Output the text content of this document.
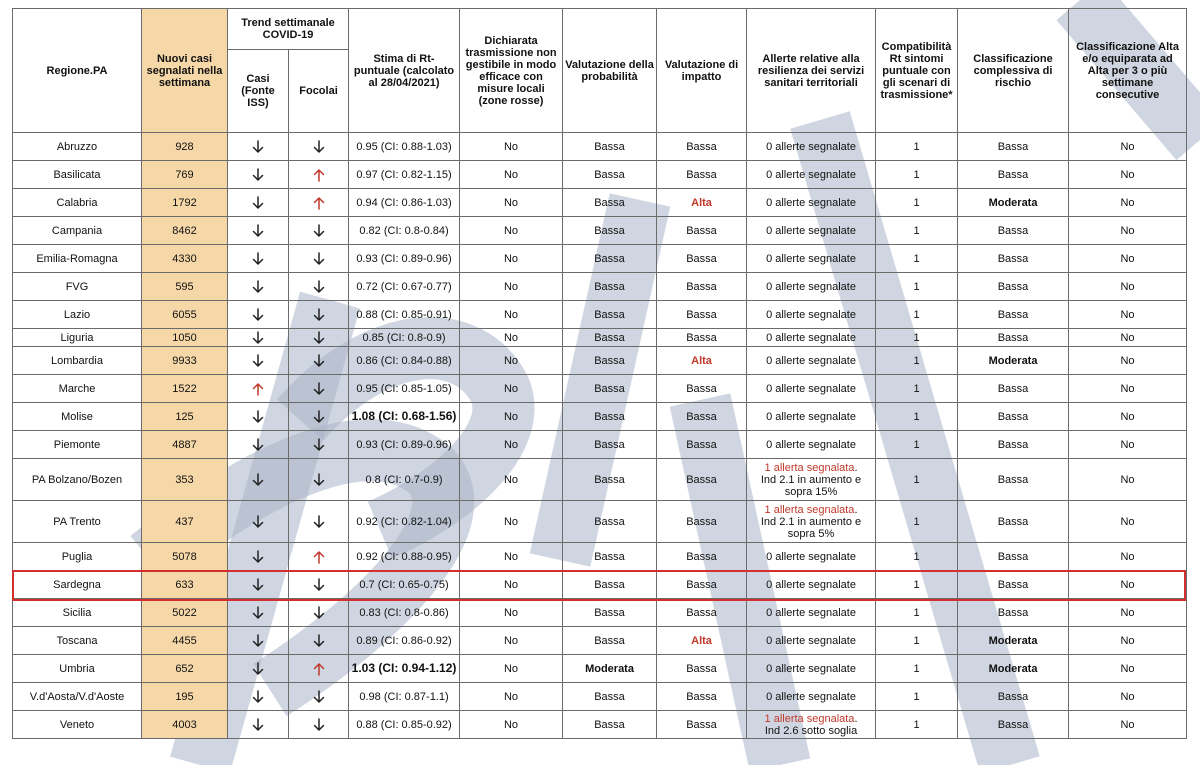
Regione.PA	Nuovi casi segnalati nella settimana	Trend settimanale COVID-19		Stima di Rt-puntuale (calcolato al 28/04/2021)	Dichiarata trasmissione non gestibile in modo efficace con misure locali (zone rosse)	Valutazione della probabilità	Valutazione di impatto	Allerte relative alla resilienza dei servizi sanitari territoriali	Compatibilità Rt sintomi puntuale con gli scenari di trasmissione*	Classificazione complessiva di rischio	Classificazione Alta e/o equiparata ad Alta per 3 o più settimane consecutive
		Casi (Fonte ISS)	Focolai								
Abruzzo	928			0.95 (CI: 0.88-1.03)	No	Bassa	Bassa	0 allerte segnalate	1	Bassa	No
Basilicata	769			0.97 (CI: 0.82-1.15)	No	Bassa	Bassa	0 allerte segnalate	1	Bassa	No
Calabria	1792			0.94 (CI: 0.86-1.03)	No	Bassa	Alta	0 allerte segnalate	1	Moderata	No
Campania	8462			0.82 (CI: 0.8-0.84)	No	Bassa	Bassa	0 allerte segnalate	1	Bassa	No
Emilia-Romagna	4330			0.93 (CI: 0.89-0.96)	No	Bassa	Bassa	0 allerte segnalate	1	Bassa	No
FVG	595			0.72 (CI: 0.67-0.77)	No	Bassa	Bassa	0 allerte segnalate	1	Bassa	No
Lazio	6055			0.88 (CI: 0.85-0.91)	No	Bassa	Bassa	0 allerte segnalate	1	Bassa	No
Liguria	1050			0.85 (CI: 0.8-0.9)	No	Bassa	Bassa	0 allerte segnalate	1	Bassa	No
Lombardia	9933			0.86 (CI: 0.84-0.88)	No	Bassa	Alta	0 allerte segnalate	1	Moderata	No
Marche	1522			0.95 (CI: 0.85-1.05)	No	Bassa	Bassa	0 allerte segnalate	1	Bassa	No
Molise	125			1.08 (CI: 0.68-1.56)	No	Bassa	Bassa	0 allerte segnalate	1	Bassa	No
Piemonte	4887			0.93 (CI: 0.89-0.96)	No	Bassa	Bassa	0 allerte segnalate	1	Bassa	No
PA Bolzano/Bozen	353			0.8 (CI: 0.7-0.9)	No	Bassa	Bassa	1 allerta segnalata.
Ind 2.1 in aumento e sopra 15%	1	Bassa	No
PA Trento	437			0.92 (CI: 0.82-1.04)	No	Bassa	Bassa	1 allerta segnalata.
Ind 2.1 in aumento e sopra 5%	1	Bassa	No
Puglia	5078			0.92 (CI: 0.88-0.95)	No	Bassa	Bassa	0 allerte segnalate	1	Bassa	No
Sardegna	633			0.7 (CI: 0.65-0.75)	No	Bassa	Bassa	0 allerte segnalate	1	Bassa	No
Sicilia	5022			0.83 (CI: 0.8-0.86)	No	Bassa	Bassa	0 allerte segnalate	1	Bassa	No
Toscana	4455			0.89 (CI: 0.86-0.92)	No	Bassa	Alta	0 allerte segnalate	1	Moderata	No
Umbria	652			1.03 (CI: 0.94-1.12)	No	Moderata	Bassa	0 allerte segnalate	1	Moderata	No
V.d'Aosta/V.d'Aoste	195			0.98 (CI: 0.87-1.1)	No	Bassa	Bassa	0 allerte segnalate	1	Bassa	No
Veneto	4003			0.88 (CI: 0.85-0.92)	No	Bassa	Bassa	1 allerta segnalata.
Ind 2.6 sotto soglia	1	Bassa	No
